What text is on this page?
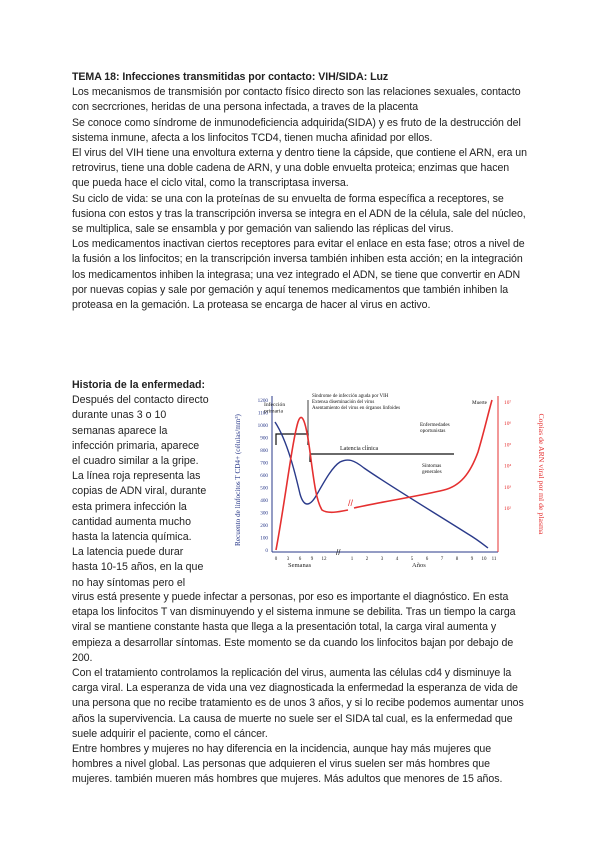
TEMA 18: Infecciones transmitidas por contacto: VIH/SIDA: Luz

Los mecanismos de transmisión por contacto físico directo son las relaciones sexuales, contacto con secrcriones, heridas de una persona infectada, a traves de la placenta

Se conoce como síndrome de inmunodeficiencia adquirida(SIDA) y es fruto de la destrucción del sistema inmune, afecta a los linfocitos TCD4, tienen mucha afinidad por ellos.

El virus del VIH tiene una envoltura externa y dentro tiene la cápside, que contiene el ARN, era un retrovirus, tiene una doble cadena de ARN, y una doble envuelta proteica; enzimas que hacen que pueda hace el ciclo vital, como la transcriptasa inversa.

Su ciclo de vida: se una con la proteínas de su envuelta de forma específica a receptores, se fusiona con estos y tras la transcripción inversa se integra en el ADN de la célula, sale del núcleo, se multiplica, sale se ensambla y por gemación van saliendo las réplicas del virus.

Los medicamentos inactivan ciertos receptores para evitar el enlace en esta fase; otros a nivel de la fusión a los linfocitos; en la transcripción inversa también inhiben esta acción; en la integración los medicamentos inhiben la integrasa; una vez integrado el ADN, se tiene que convertir en ADN por nuevas copias y sale por gemación y aquí tenemos medicamentos que también inhiben la proteasa en la gemación. La proteasa se encarga de hacer al virus en activo.

Historia de la enfermedad:
Después del contacto directo
durante unas 3 o 10
semanas aparece la
infección primaria, aparece
el cuadro similar a la gripe.
La línea roja representa las
copias de ADN viral, durante
esta primera infección la
cantidad aumenta mucho
hasta la latencia química.
La latencia puede durar
hasta 10-15 años, en la que
no hay síntomas pero el

virus está presente y puede infectar a personas, por eso es importante el diagnóstico. En esta etapa los linfocitos T van disminuyendo y el sistema inmune se debilita. Tras un tiempo la carga viral se mantiene constante hasta que llega a la presentación total, la carga viral aumenta y empieza a desarrollar síntomas. Este momento se da cuando los linfocitos bajan por debajo de 200.

Con el tratamiento controlamos la replicación del virus, aumenta las células cd4 y disminuye la carga viral. La esperanza de vida una vez diagnosticada la enfermedad la esperanza de vida de una persona que no recibe tratamiento es de unos 3 años, y si lo recibe podemos aumentar unos años la supervivencia. La causa de muerte no suele ser el SIDA tal cual, es la enfermedad que suele adquirir el paciente, como el cáncer.

Entre hombres y mujeres no hay diferencia en la incidencia, aunque hay más mujeres que hombres a nivel global. Las personas que adquieren el virus suelen ser más hombres que mujeres. también mueren más hombres que mujeres. Más adultos que menores de 15 años.

Recuento de linfocitos T CD4+ (células/mm³)	Copias de ARN viral por ml de plasma
1200
1100
1000
900
800
700
600
500
400
300
200
100
0
10⁷
10⁶
10⁵
10⁴
10³
10²
0 3 6 9 12	1	2	3	4	5	6	7	8	9 10 11
//
//
Semanas	Años
Infección primaria
Síndrome de infección aguda por VIH Extensa diseminación del virus Asentamiento del virus en órganos linfoides
Latencia clínica
Enfermedades oportunistas
Síntomas generales
Muerte
